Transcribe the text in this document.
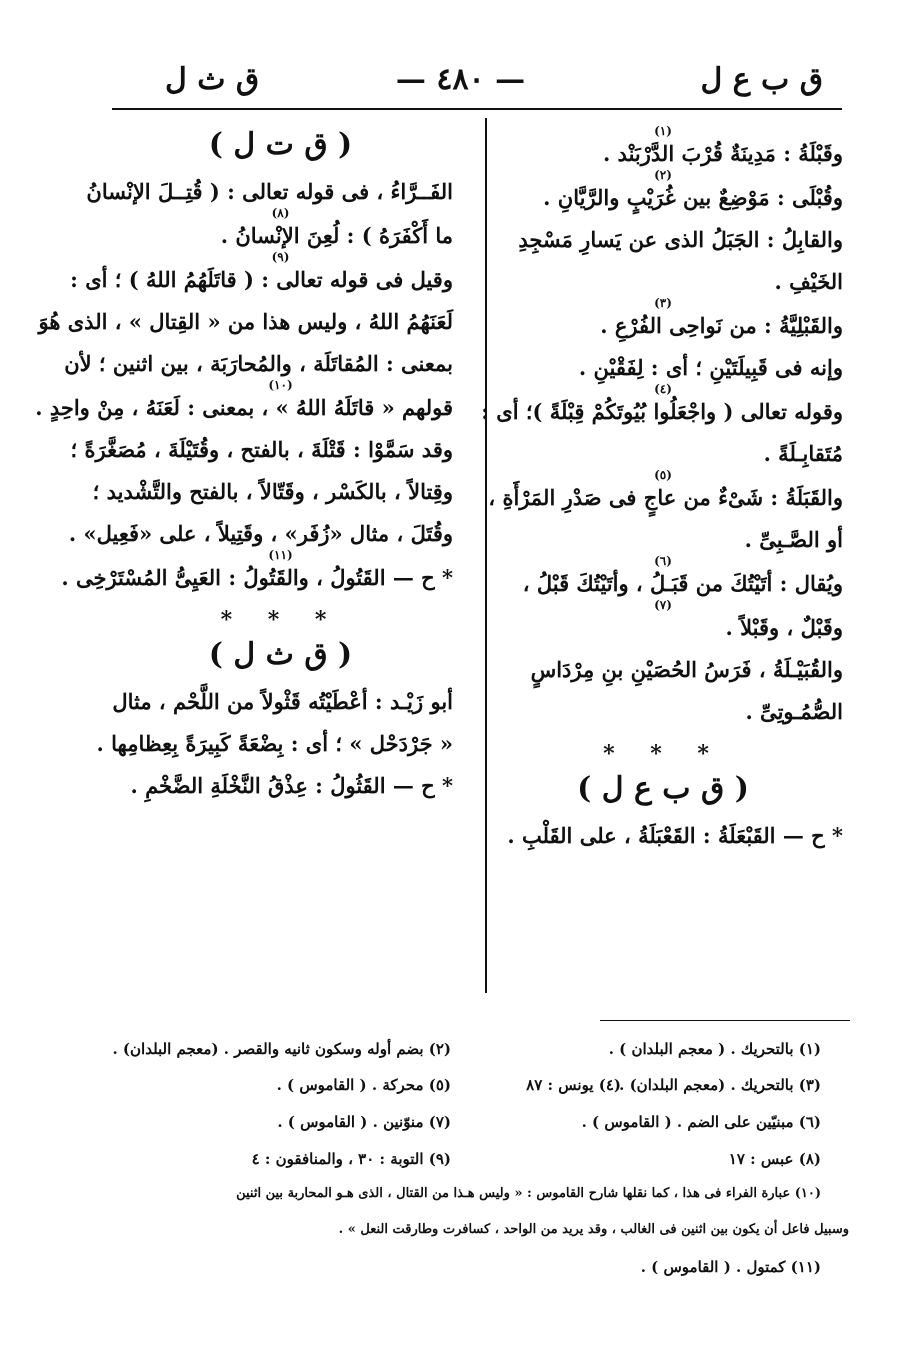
ق ب ع ل
— ٤٨٠ —
ق ث ل
(١)
وقَبْلَةُ : مَدِينَةٌ قُرْبَ الدَّرْبَنْد .
(٢)
وقُبْلَى : مَوْضِعٌ بين غُرَيْبٍ والرَّيَّانِ .
والقابِلُ : الجَبَلُ الذى عن يَسارِ مَسْجِدِ
الخَيْفِ .
(٣)
والقَبْلِيَّةُ : من نَواحِى الفُرْعِ .
وإنه فى قَبِيلَتَيْنِ ؛ أى : لِفَقْيْنِ .
(٤)
وقوله تعالى ( واجْعَلُوا بُيُوتَكُمْ قِبْلَةً )؛ أى :
مُتَقابِـلَةً .
(٥)
والقَبَلَةُ : شَىْءٌ من عاجٍ فى صَدْرِ المَرْأَةِ ،
أو الصَّـبِىِّ .
(٦)
ويُقال : أتَيْتُكَ من قَبَـلُ ، وأتَيْتُكَ قَبْلُ ،
(٧)
وقَبْلٌ ، وقَبْلاً .
والقُبَيْـلَةُ ، فَرَسُ الحُصَيْنِ بنِ مِرْدَاسٍ
الصُّمُـوتِىِّ .
* * *
( ق ب ع ل )
* ح — القَبْعَلَةُ : القَعْبَلَةُ ، على القَلْبِ .
( ق ت ل )
الفَــرَّاءُ ، فى قوله تعالى : ( قُتِــلَ الإنْسانُ
(٨)
ما أَكْفَرَهُ ) : لُعِنَ الإنْسانُ .
(٩)
وقيل فى قوله تعالى : ( قاتَلَهُمُ اللهُ ) ؛ أى :
لَعَنَهُمُ اللهُ ، وليس هذا من « القِتال » ، الذى هُوَ
بمعنى : المُقاتَلَة ، والمُحارَبَة ، بين اثنين ؛ لأن
(١٠)
قولهم « قاتَلَهُ اللهُ » ، بمعنى : لَعَنَهُ ، مِنْ واحِدٍ .
وقد سَمَّوْا : قَتْلَةَ ، بالفتح ، وقُتَيْلَةَ ، مُصَغَّرَةً ؛
وقِتالاً ، بالكَسْر ، وقَتّالاً ، بالفتح والتَّشْديد ؛
وقُتَلَ ، مثال «زُفَر» ، وقَتِيلاً ، على «فَعِيل» .
(١١)
* ح — القَتُولُ ، والقَتُولُ : العَيِىُّ المُسْتَرْخِى .
* * *
( ق ث ل )
أبو زَيْـد : أعْطَيْتُه قَثْولاً من اللَّحْم ، مثال
« جَرْدَحْل » ؛ أى : بِضْعَةً كَبِيرَةً بِعِظامِها .
* ح — القَثُولُ : عِذْقُ النَّخْلَةِ الضَّخْمِ .
(١) بالتحريك . ( معجم البلدان ) .
(٢) بضم أوله وسكون ثانيه والقصر . (معجم البلدان) .
(٣) بالتحريك . (معجم البلدان) .
(٤) يونس : ٨٧
(٥) محركة . ( القاموس ) .
(٦) مبنيّين على الضم . ( القاموس ) .
(٧) منوّنين . ( القاموس ) .
(٨) عبس : ١٧
(٩) التوبة : ٣٠ ، والمنافقون : ٤
(١٠) عبارة الفراء فى هذا ، كما نقلها شارح القاموس : « وليس هـذا من القتال ، الذى هـو المحاربة بين اثنين
وسبيل فاعل أن يكون بين اثنين فى الغالب ، وقد يريد من الواحد ، كسافرت وطارقت النعل » .
(١١) كمتول . ( القاموس ) .
